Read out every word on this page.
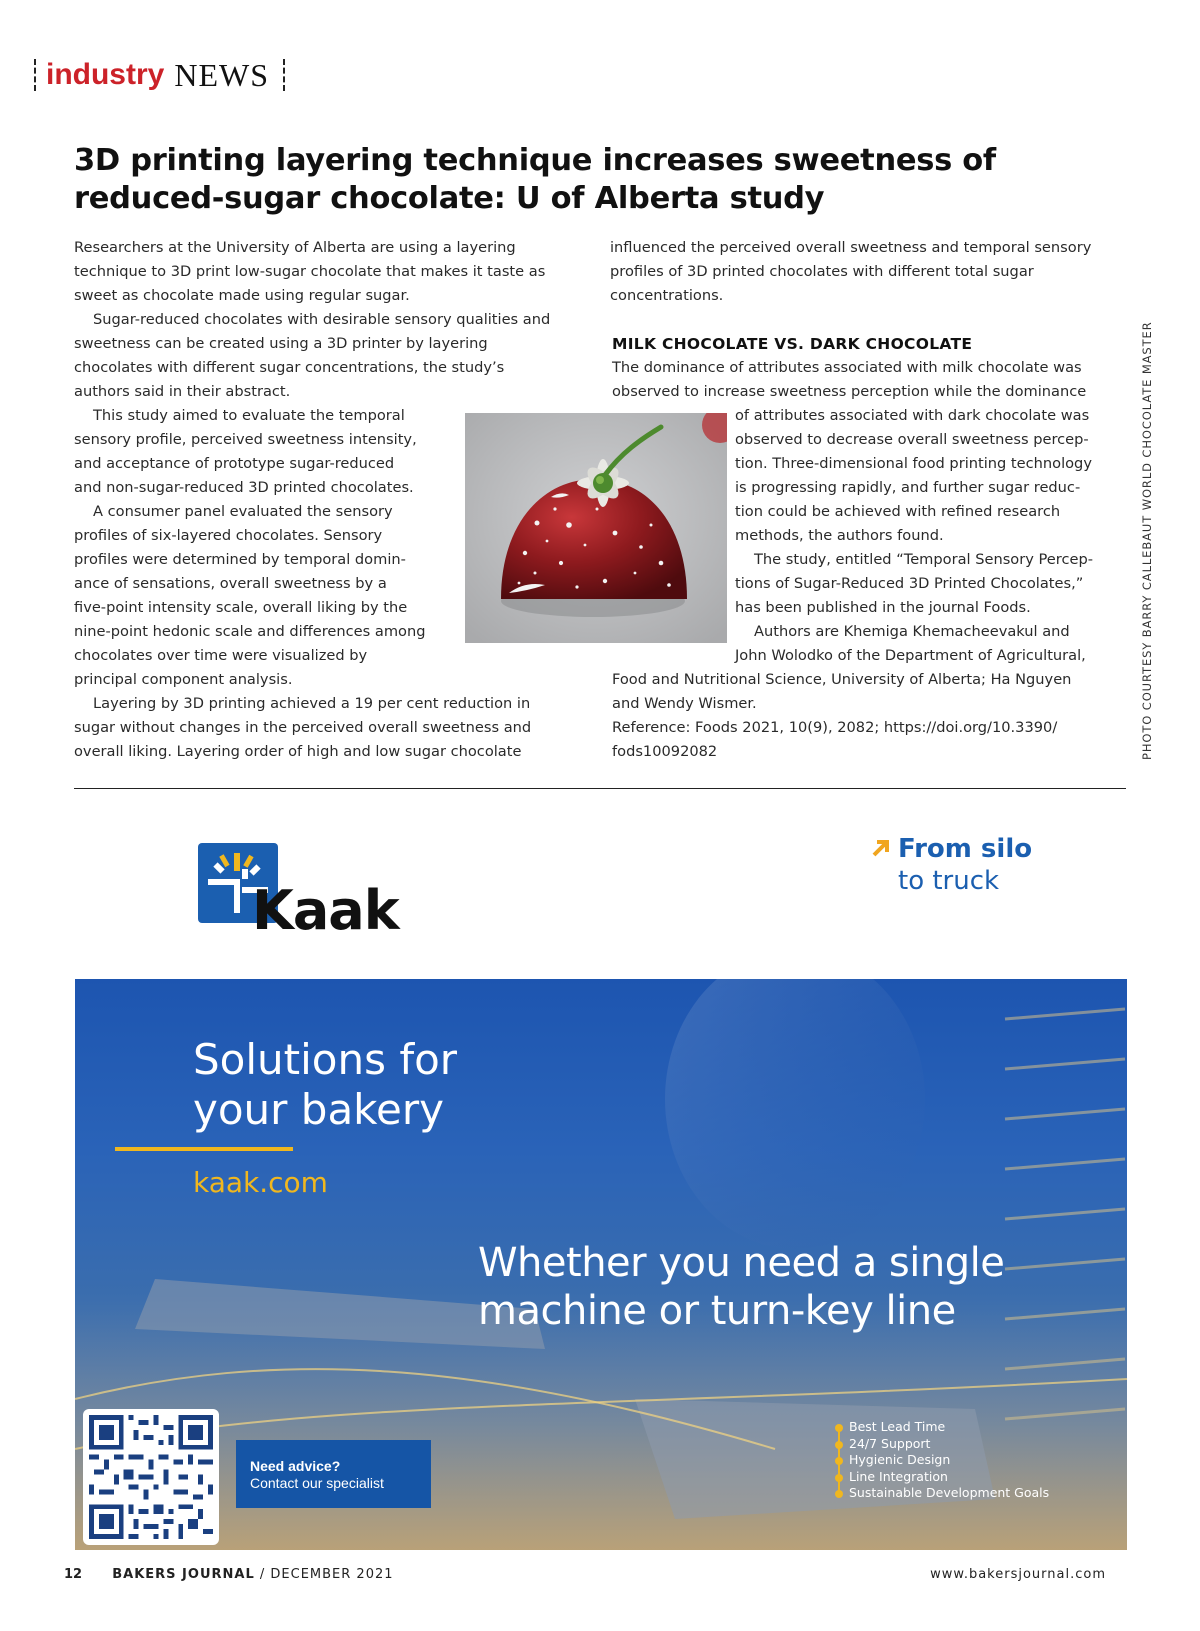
industry NEWS
3D printing layering technique increases sweetness of
reduced-sugar chocolate: U of Alberta study

Researchers at the University of Alberta are using a layering

technique to 3D print low-sugar chocolate that makes it taste as

sweet as chocolate made using regular sugar.

Sugar-reduced chocolates with desirable sensory qualities and

sweetness can be created using a 3D printer by layering

chocolates with different sugar concentrations, the study’s

authors said in their abstract.

This study aimed to evaluate the temporal

sensory profile, perceived sweetness intensity,

and acceptance of prototype sugar-reduced

and non-sugar-reduced 3D printed chocolates.

A consumer panel evaluated the sensory

profiles of six-layered chocolates. Sensory

profiles were determined by temporal domin-

ance of sensations, overall sweetness by a

five-point intensity scale, overall liking by the

nine-point hedonic scale and differences among

chocolates over time were visualized by

principal component analysis.

Layering by 3D printing achieved a 19 per cent reduction in

sugar without changes in the perceived overall sweetness and

overall liking. Layering order of high and low sugar chocolate

influenced the perceived overall sweetness and temporal sensory

profiles of 3D printed chocolates with different total sugar

concentrations.

MILK CHOCOLATE VS. DARK CHOCOLATE

The dominance of attributes associated with milk chocolate was

observed to increase sweetness perception while the dominance

of attributes associated with dark chocolate was

observed to decrease overall sweetness percep-

tion. Three-dimensional food printing technology

is progressing rapidly, and further sugar reduc-

tion could be achieved with refined research

methods, the authors found.

The study, entitled “Temporal Sensory Percep-

tions of Sugar-Reduced 3D Printed Chocolates,”

has been published in the journal Foods.

Authors are Khemiga Khemacheevakul and

John Wolodko of the Department of Agricultural,

Food and Nutritional Science, University of Alberta; Ha Nguyen

and Wendy Wismer.

Reference: Foods 2021, 10(9), 2082; https://doi.org/10.3390/

fods10092082	PHOTO COURTESY BARRY CALLEBAUT WORLD CHOCOLATE MASTER
Kaak
From silo
to truck
Solutions for
your bakery
kaak.com
Whether you need a single
machine or turn-key line
Need advice?
Contact our specialist
Best Lead Time
24/7 Support
Hygienic Design
Line Integration
Sustainable Development Goals
12 BAKERS JOURNAL / DECEMBER 2021	www.bakersjournal.com
